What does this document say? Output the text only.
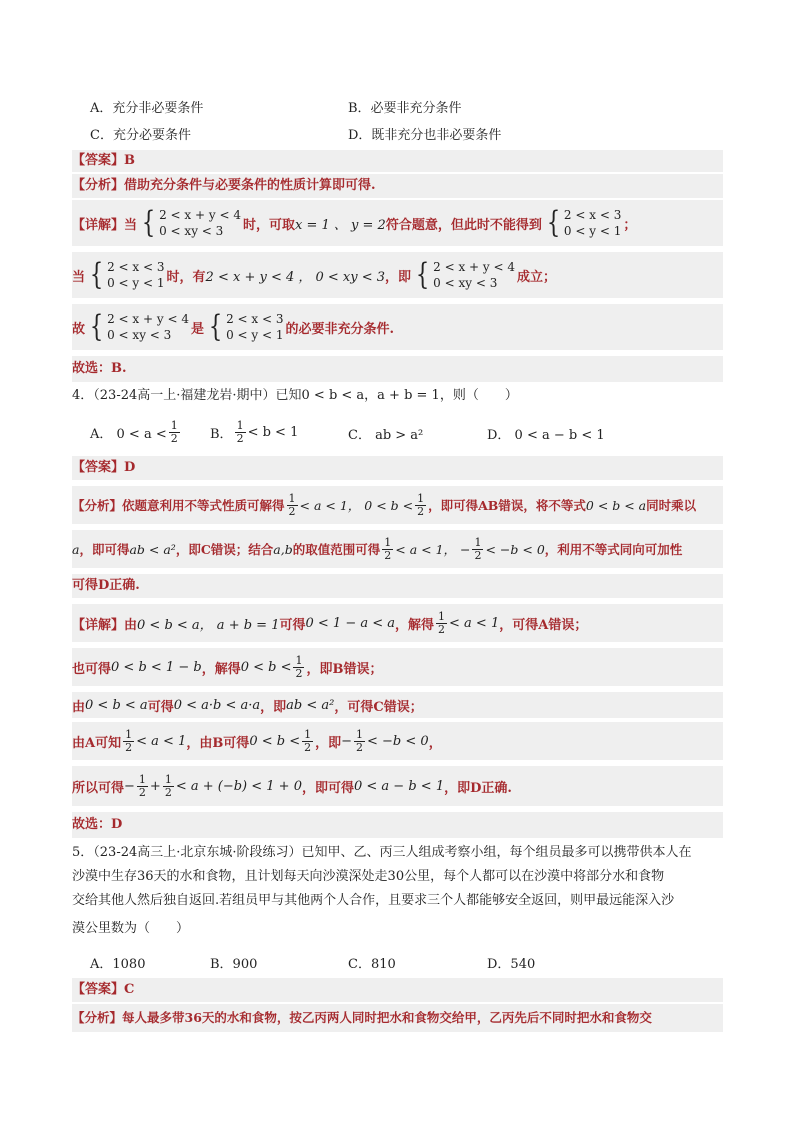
A．充分非必要条件	B．必要非充分条件
C．充分必要条件	D．既非充分也非必要条件
【答案】B
【分析】借助充分条件与必要条件的性质计算即可得.
【详解】当 { 2 < x + y < 4
0 < xy < 3	时，可取 x = 1 、 y = 2 符合题意，但此时不能得到 { 2 < x < 3
0 < y < 1 ；
当 { 2 < x < 3
0 < y < 1 时，有 2 < x + y < 4 ， 0 < xy < 3 ，即 { 2 < x + y < 4
0 < xy < 3	成立；
故 { 2 < x + y < 4
0 < xy < 3	是 { 2 < x < 3
0 < y < 1 的必要非充分条件.
故选：B.
4．（23-24高一上·福建龙岩·期中）已知0 < b < a，a + b = 1，则（　　）
A． $0 < a < \frac{1}{2}$ B． $\frac{1}{2} < b < 1$	C． ab > a²	D． 0 < a − b < 1
【答案】D
【分析】依题意利用不等式性质可解得 $\frac{1}{2} < a < 1$， $0 < b < \frac{1}{2}$ ，即可得 AB 错误，将不等式 0 < b < a 同时乘以
a ，即可得 ab < a² ，即 C 错误；结合 a,b 的取值范围可得 $\frac{1}{2} < a < 1$， − $\frac{1}{2} < -b < 0$ ，利用不等式同向可加性
可得D正确.
【详解】由 0 < b < a， a + b = 1 可得 0 < 1 − a < a ，解得 $\frac{1}{2} < a < 1$ ，可得A错误；
也可得 0 < b < 1 − b ，解得 $0 < b < \frac{1}{2}$ ，即B错误；
由 0 < b < a 可得 0 < a·b < a·a ，即 ab < a² ，可得C错误；
由A可知 $\frac{1}{2} < a < 1$ ，由B可得 $0 < b < \frac{1}{2}$ ，即 − $\frac{1}{2} < -b < 0$ ，
所以可得 − $\frac{1}{2} + \frac{1}{2} < a + (-b) < 1 + 0$ ，即可得 0 < a − b < 1 ，即D正确.
故选：D
5．（23-24高三上·北京东城·阶段练习）已知甲、乙、丙三人组成考察小组，每个组员最多可以携带供本人在
沙漠中生存36天的水和食物，且计划每天向沙漠深处走30公里，每个人都可以在沙漠中将部分水和食物
交给其他人然后独自返回.若组员甲与其他两个人合作，且要求三个人都能够安全返回，则甲最远能深入沙
漠公里数为（　　）
A．1080	B．900	C．810	D．540
【答案】C
【分析】每人最多带36天的水和食物，按乙丙两人同时把水和食物交给甲，乙丙先后不同时把水和食物交
